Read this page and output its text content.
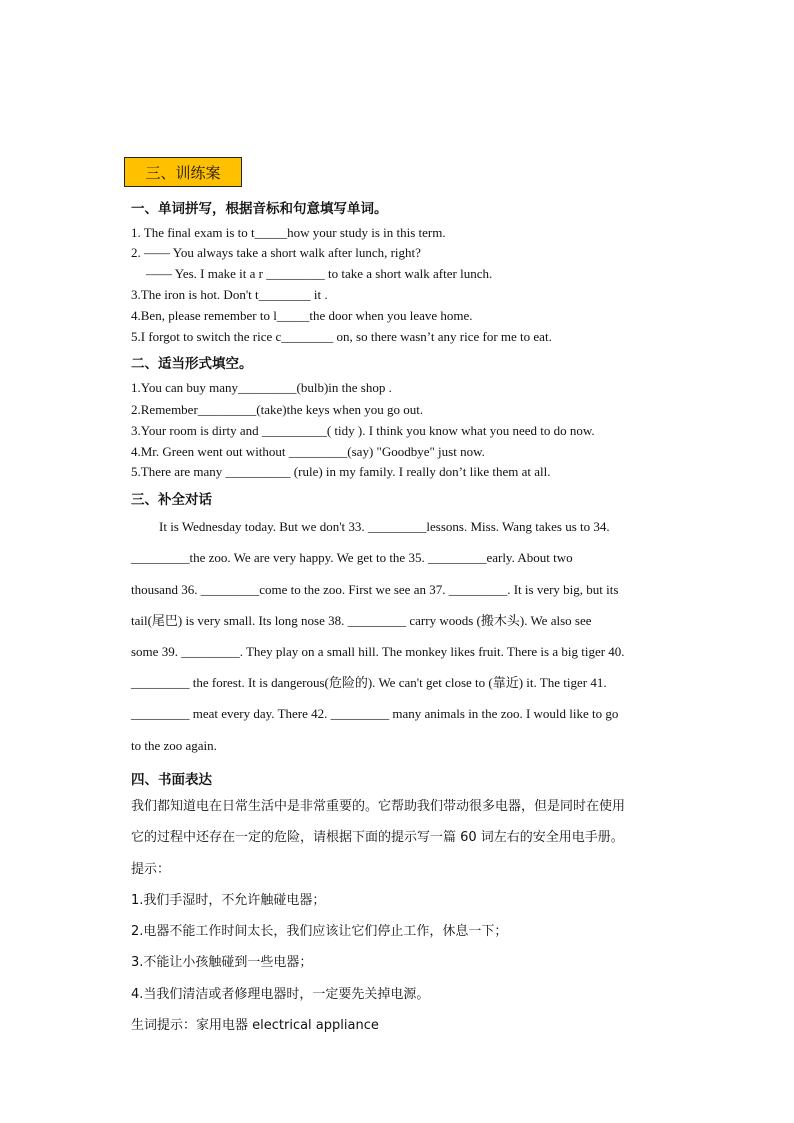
三、训练案
一、单词拼写，根据音标和句意填写单词。
1. The final exam is to t_____how your study is in this term.
2. —— You always take a short walk after lunch, right?
—— Yes. I make it a r _________ to take a short walk after lunch.
3.The iron is hot. Don't t________ it .
4.Ben, please remember to l_____the door when you leave home.
5.I forgot to switch the rice c________ on, so there wasn’t any rice for me to eat.
二、适当形式填空。
1.You can buy many_________(bulb)in the shop .
2.Remember_________(take)the keys when you go out.
3.Your room is dirty and __________( tidy ). I think you know what you need to do now.
4.Mr. Green went out without _________(say) "Goodbye" just now.
5.There are many __________ (rule) in my family. I really don’t like them at all.
三、补全对话
It is Wednesday today. But we don't 33. _________lessons. Miss. Wang takes us to 34.
_________the zoo. We are very happy. We get to the 35. _________early. About two
thousand 36. _________come to the zoo. First we see an 37. _________. It is very big, but its
tail(尾巴) is very small. Its long nose 38. _________ carry woods (搬木头). We also see
some 39. _________. They play on a small hill. The monkey likes fruit. There is a big tiger 40.
_________ the forest. It is dangerous(危险的). We can't get close to (靠近) it. The tiger 41.
_________ meat every day. There 42. _________ many animals in the zoo. I would like to go
to the zoo again.
四、书面表达
我们都知道电在日常生活中是非常重要的。它帮助我们带动很多电器，但是同时在使用
它的过程中还存在一定的危险，请根据下面的提示写一篇 60 词左右的安全用电手册。
提示：
1.我们手湿时，不允许触碰电器；
2.电器不能工作时间太长，我们应该让它们停止工作，休息一下；
3.不能让小孩触碰到一些电器；
4.当我们清洁或者修理电器时，一定要先关掉电源。
生词提示：家用电器 electrical appliance
